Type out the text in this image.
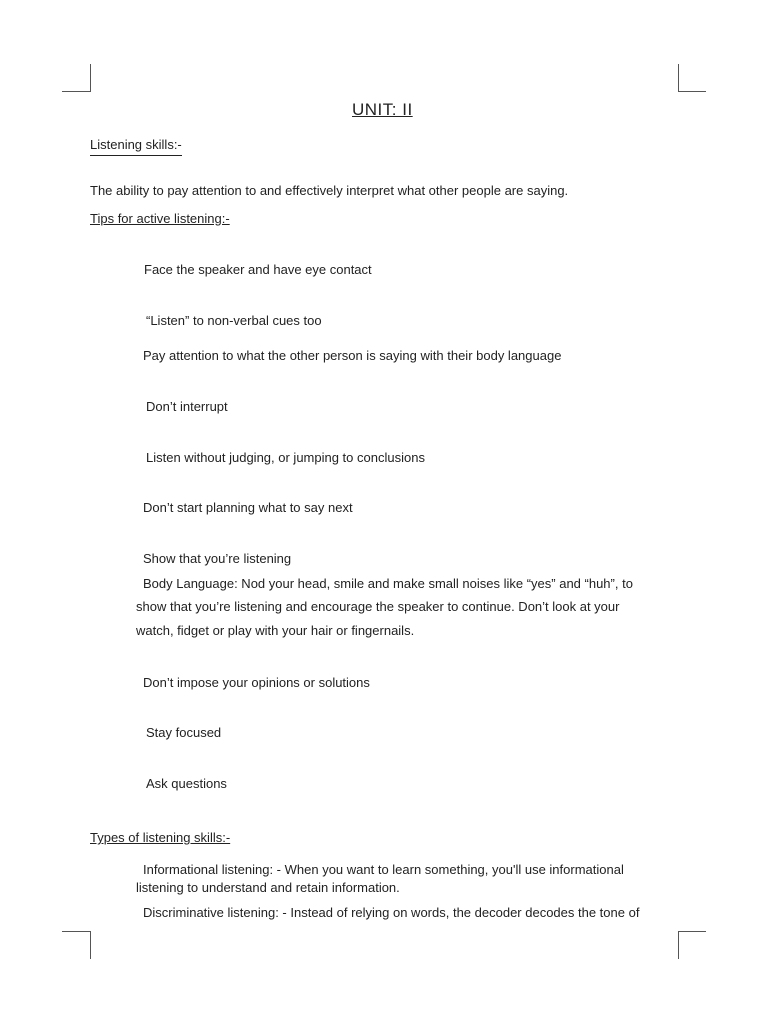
UNIT: II
Listening skills:-
The ability to pay attention to and effectively interpret what other people are saying.
Tips for active listening:-
Face the speaker and have eye contact
“Listen” to non-verbal cues too
Pay attention to what the other person is saying with their body language
Don’t interrupt
Listen without judging, or jumping to conclusions
Don’t start planning what to say next
Show that you’re listening
Body Language: Nod your head, smile and make small noises like “yes” and “huh”, to
show that you’re listening and encourage the speaker to continue. Don’t look at your
watch, fidget or play with your hair or fingernails.
Don’t impose your opinions or solutions
Stay focused
Ask questions
Types of listening skills:-
Informational listening: - When you want to learn something, you'll use informational
listening to understand and retain information.
Discriminative listening: - Instead of relying on words, the decoder decodes the tone of
